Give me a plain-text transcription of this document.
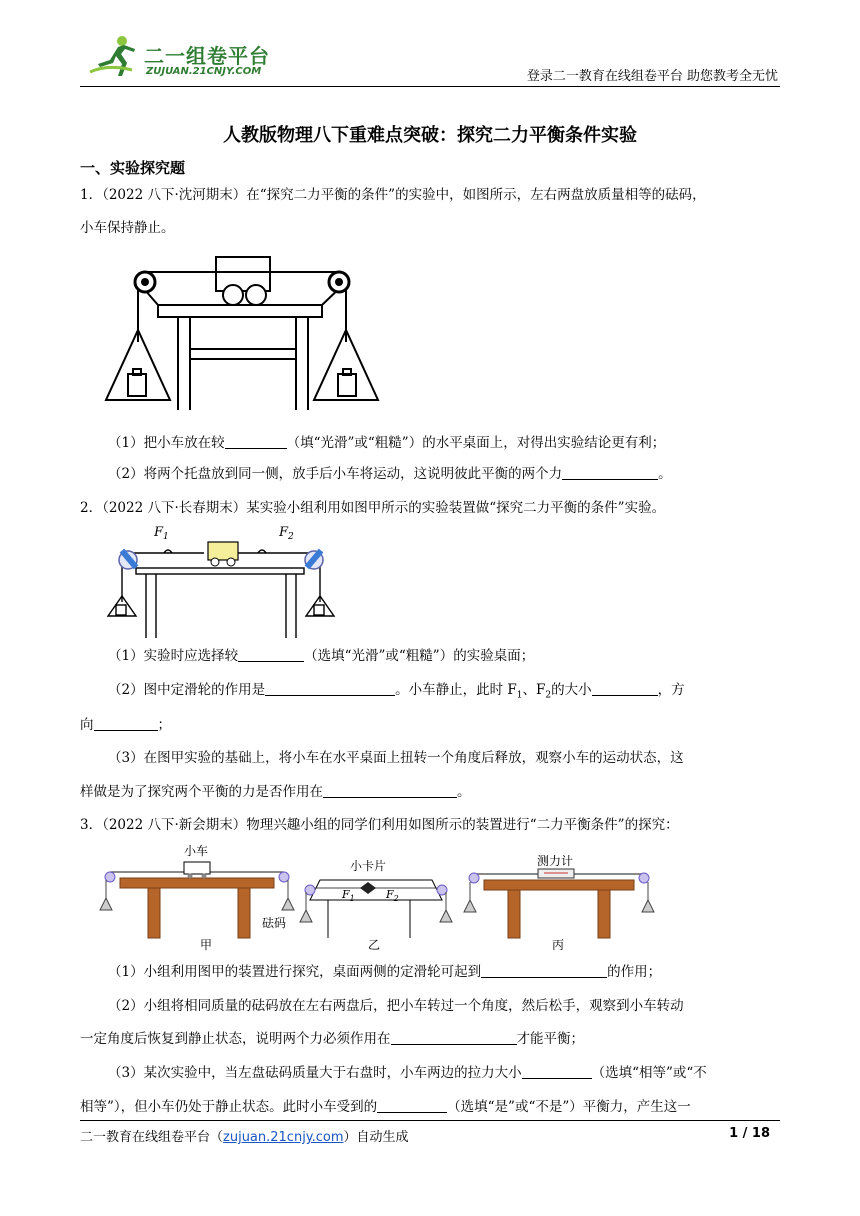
二一组卷平台
ZUJUAN.21CNJY.COM	登录二一教育在线组卷平台 助您教考全无忧
人教版物理八下重难点突破：探究二力平衡条件实验
一、实验探究题
1．（2022 八下·沈河期末）在“探究二力平衡的条件”的实验中，如图所示，左右两盘放质量相等的砝码，
小车保持静止。
（1）把小车放在较	（填“光滑”或“粗糙”）的水平桌面上，对得出实验结论更有利；
（2）将两个托盘放到同一侧，放手后小车将运动，这说明彼此平衡的两个力	。
2．（2022 八下·长春期末）某实验小组利用如图甲所示的实验装置做“探究二力平衡的条件”实验。
$F_1$	$F_2$
（1）实验时应选择较	（选填“光滑”或“粗糙”）的实验桌面；
（2）图中定滑轮的作用是	。小车静止，此时 $F_1$、$F_2$的大小	，方
向	；
（3）在图甲实验的基础上，将小车在水平桌面上扭转一个角度后释放，观察小车的运动状态，这
样做是为了探究两个平衡的力是否作用在	。
3．（2022 八下·新会期末）物理兴趣小组的同学们利用如图所示的装置进行“二力平衡条件”的探究：
$F_1$	$F_2$
小车
小卡片	测力计
砝码
甲	乙	丙
（1）小组利用图甲的装置进行探究，桌面两侧的定滑轮可起到	的作用；
（2）小组将相同质量的砝码放在左右两盘后，把小车转过一个角度，然后松手，观察到小车转动
一定角度后恢复到静止状态，说明两个力必须作用在	才能平衡；
（3）某次实验中，当左盘砝码质量大于右盘时，小车两边的拉力大小	（选填“相等”或“不
相等”），但小车仍处于静止状态。此时小车受到的	（选填“是”或“不是”）平衡力，产生这一
二一教育在线组卷平台（zujuan.21cnjy.com）自动生成	1 / 18
